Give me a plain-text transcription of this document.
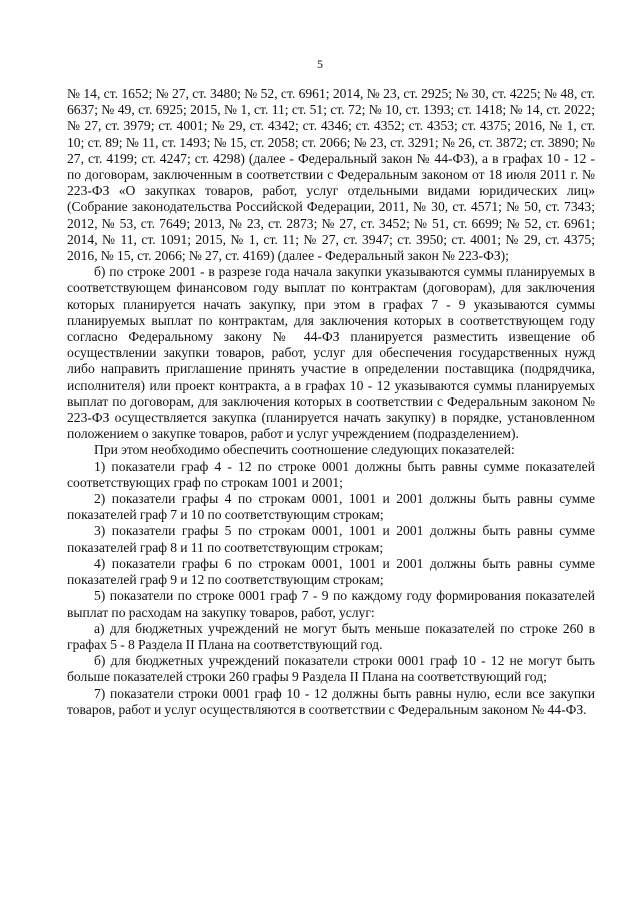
5

№ 14, ст. 1652; № 27, ст. 3480; № 52, ст. 6961; 2014, № 23, ст. 2925; № 30, ст. 4225; № 48, ст. 6637; № 49, ст. 6925; 2015, № 1, ст. 11; ст. 51; ст. 72; № 10, ст. 1393; ст. 1418; № 14, ст. 2022; № 27, ст. 3979; ст. 4001; № 29, ст. 4342; ст. 4346; ст. 4352; ст. 4353; ст. 4375; 2016, № 1, ст. 10; ст. 89; № 11, ст. 1493; № 15, ст. 2058; ст. 2066; № 23, ст. 3291; № 26, ст. 3872; ст. 3890; № 27, ст. 4199; ст. 4247; ст. 4298) (далее - Федеральный закон № 44-ФЗ), а в графах 10 - 12 - по договорам, заключенным в соответствии с Федеральным законом от 18 июля 2011 г. № 223-ФЗ «О закупках товаров, работ, услуг отдельными видами юридических лиц» (Собрание законодательства Российской Федерации, 2011, № 30, ст. 4571; № 50, ст. 7343; 2012, № 53, ст. 7649; 2013, № 23, ст. 2873; № 27, ст. 3452; № 51, ст. 6699; № 52, ст. 6961; 2014, № 11, ст. 1091; 2015, № 1, ст. 11; № 27, ст. 3947; ст. 3950; ст. 4001; № 29, ст. 4375; 2016, № 15, ст. 2066; № 27, ст. 4169) (далее - Федеральный закон № 223-ФЗ);

б) по строке 2001 - в разрезе года начала закупки указываются суммы планируемых в соответствующем финансовом году выплат по контрактам (договорам), для заключения которых планируется начать закупку, при этом в графах 7 - 9 указываются суммы планируемых выплат по контрактам, для заключения которых в соответствующем году согласно Федеральному закону № 44-ФЗ планируется разместить извещение об осуществлении закупки товаров, работ, услуг для обеспечения государственных нужд либо направить приглашение принять участие в определении поставщика (подрядчика, исполнителя) или проект контракта, а в графах 10 - 12 указываются суммы планируемых выплат по договорам, для заключения которых в соответствии с Федеральным законом № 223-ФЗ осуществляется закупка (планируется начать закупку) в порядке, установленном положением о закупке товаров, работ и услуг учреждением (подразделением).

При этом необходимо обеспечить соотношение следующих показателей:

1) показатели граф 4 - 12 по строке 0001 должны быть равны сумме показателей соответствующих граф по строкам 1001 и 2001;

2) показатели графы 4 по строкам 0001, 1001 и 2001 должны быть равны сумме показателей граф 7 и 10 по соответствующим строкам;

3) показатели графы 5 по строкам 0001, 1001 и 2001 должны быть равны сумме показателей граф 8 и 11 по соответствующим строкам;

4) показатели графы 6 по строкам 0001, 1001 и 2001 должны быть равны сумме показателей граф 9 и 12 по соответствующим строкам;

5) показатели по строке 0001 граф 7 - 9 по каждому году формирования показателей выплат по расходам на закупку товаров, работ, услуг:

а) для бюджетных учреждений не могут быть меньше показателей по строке 260 в графах 5 - 8 Раздела II Плана на соответствующий год.

б) для бюджетных учреждений показатели строки 0001 граф 10 - 12 не могут быть больше показателей строки 260 графы 9 Раздела II Плана на соответствующий год;

7) показатели строки 0001 граф 10 - 12 должны быть равны нулю, если все закупки товаров, работ и услуг осуществляются в соответствии с Федеральным законом № 44-ФЗ.
